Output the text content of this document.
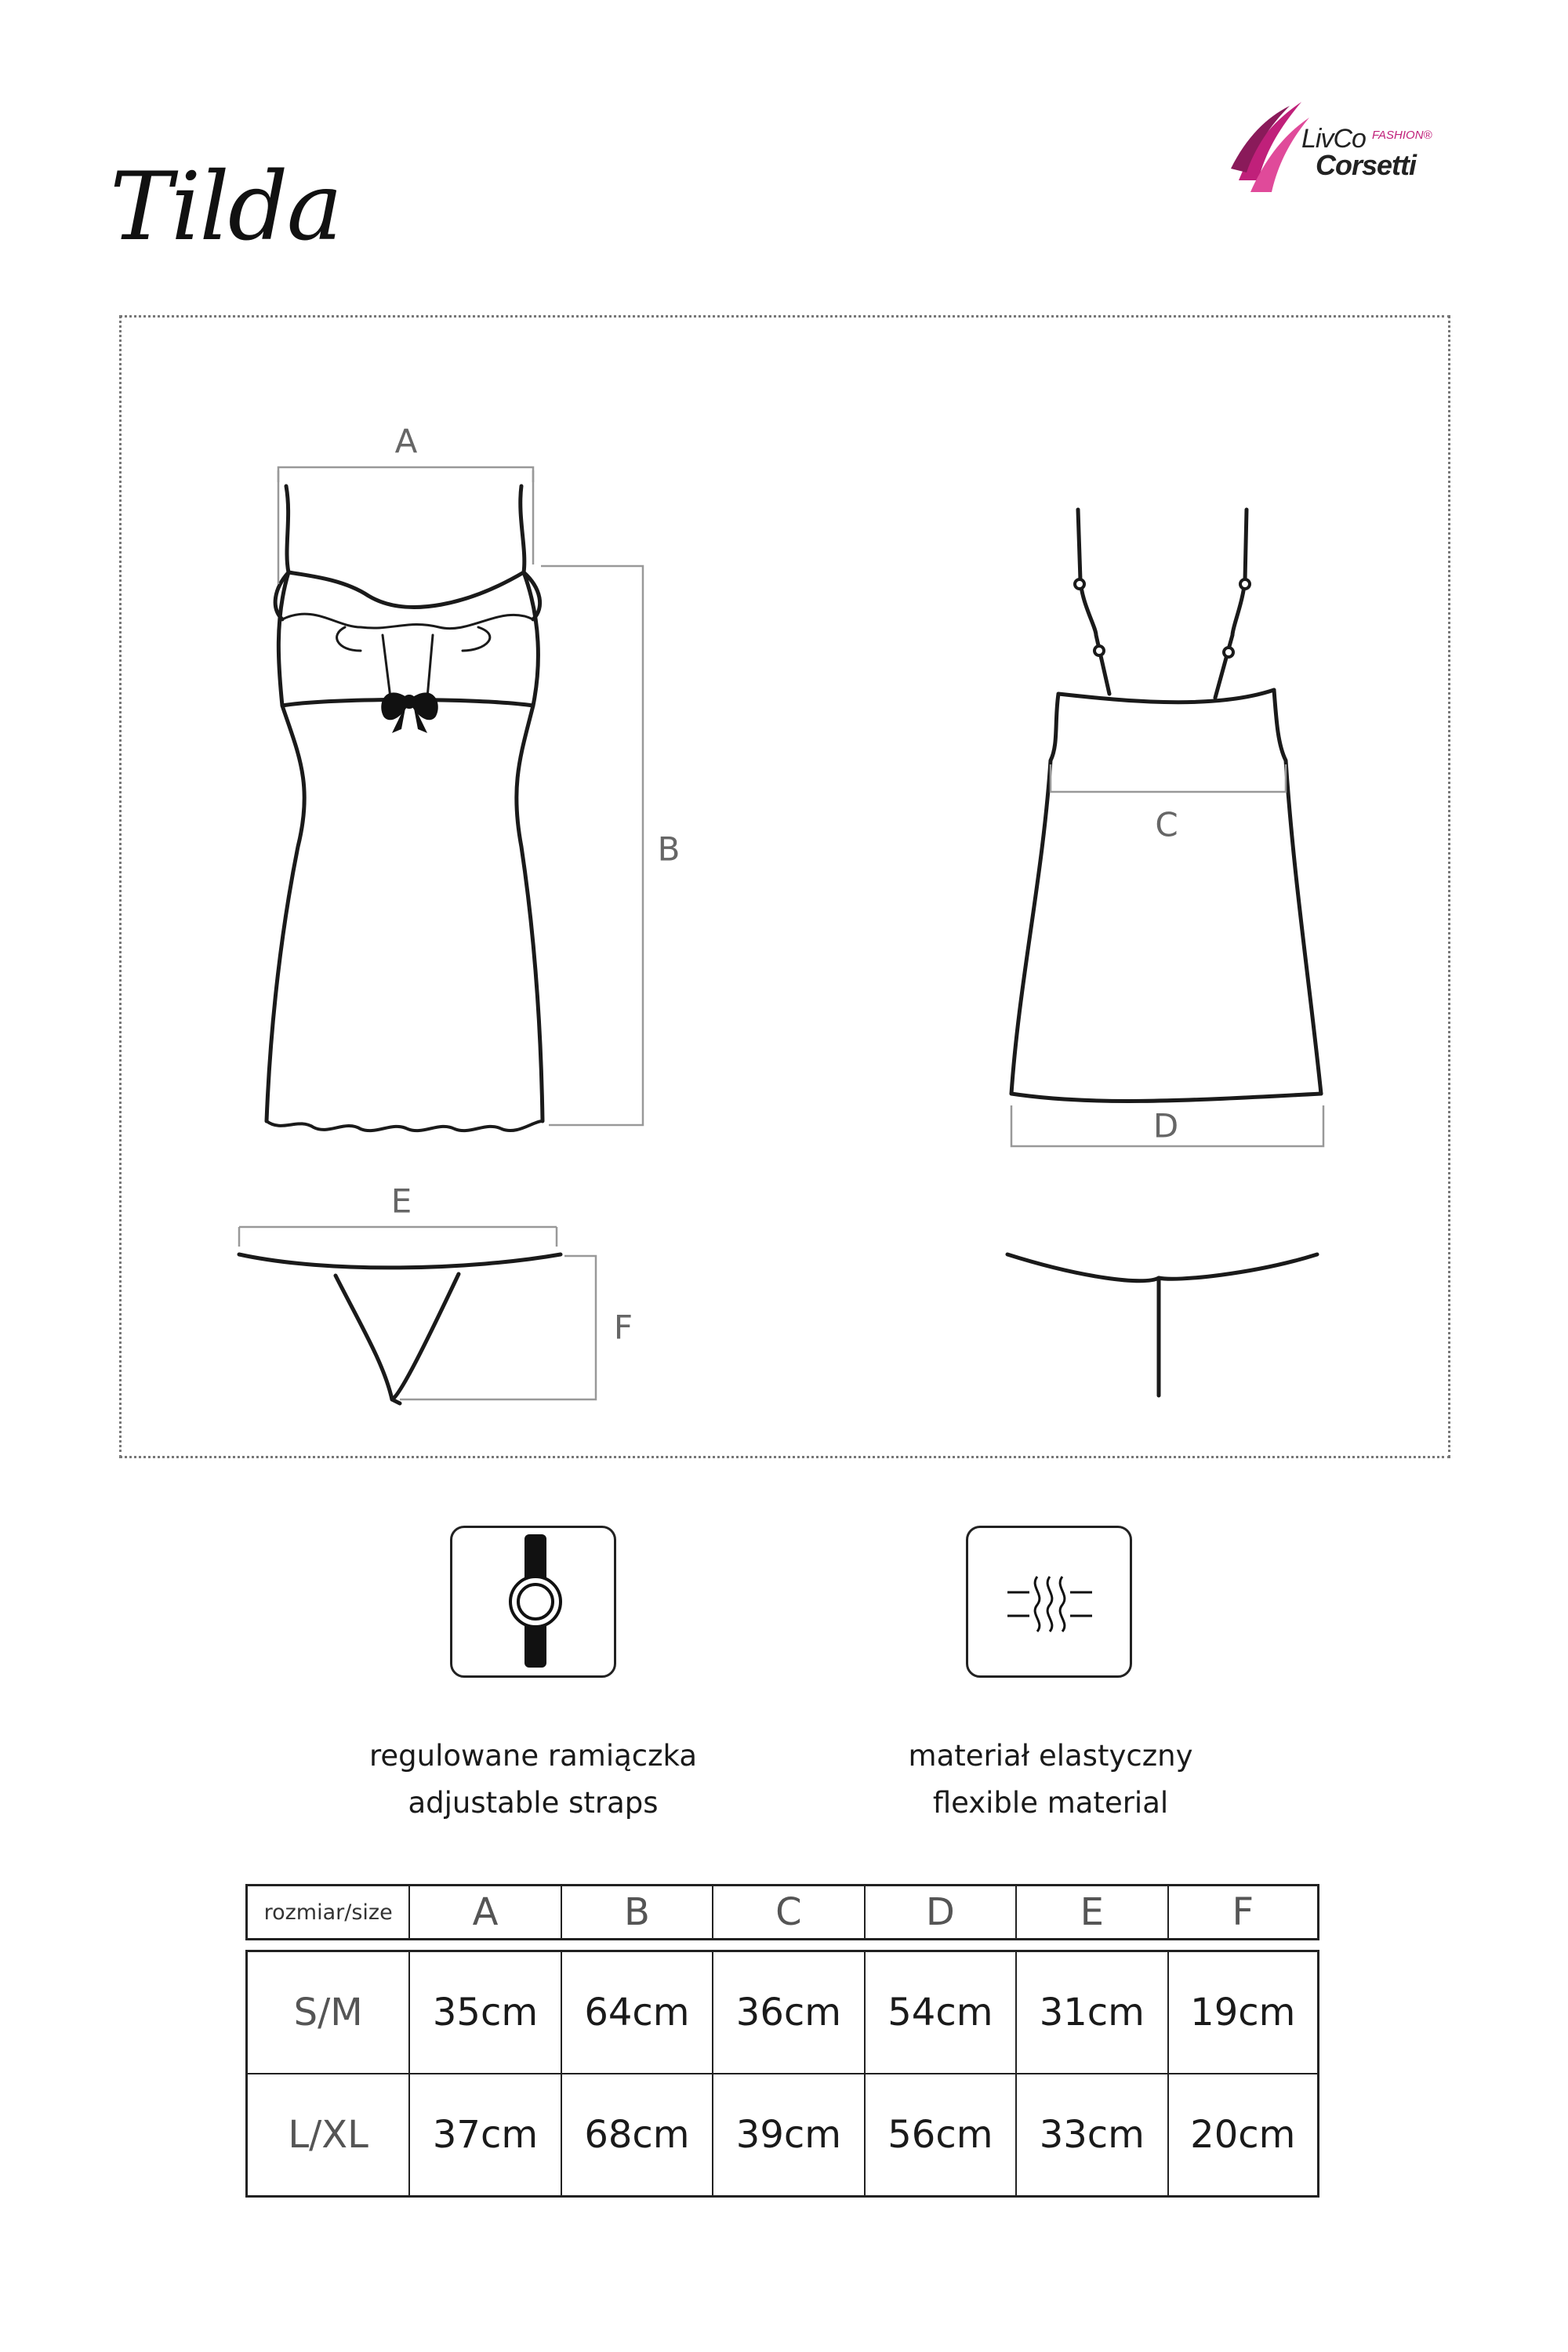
LivCo FASHION®
Corsetti
Tilda
A
B
C
D
E
F
regulowane ramiączka
adjustable straps
materiał elastyczny
flexible material
rozmiar/size	A	B	C	D	E	F
S/M	35cm	64cm	36cm	54cm	31cm	19cm
L/XL	37cm	68cm	39cm	56cm	33cm	20cm
